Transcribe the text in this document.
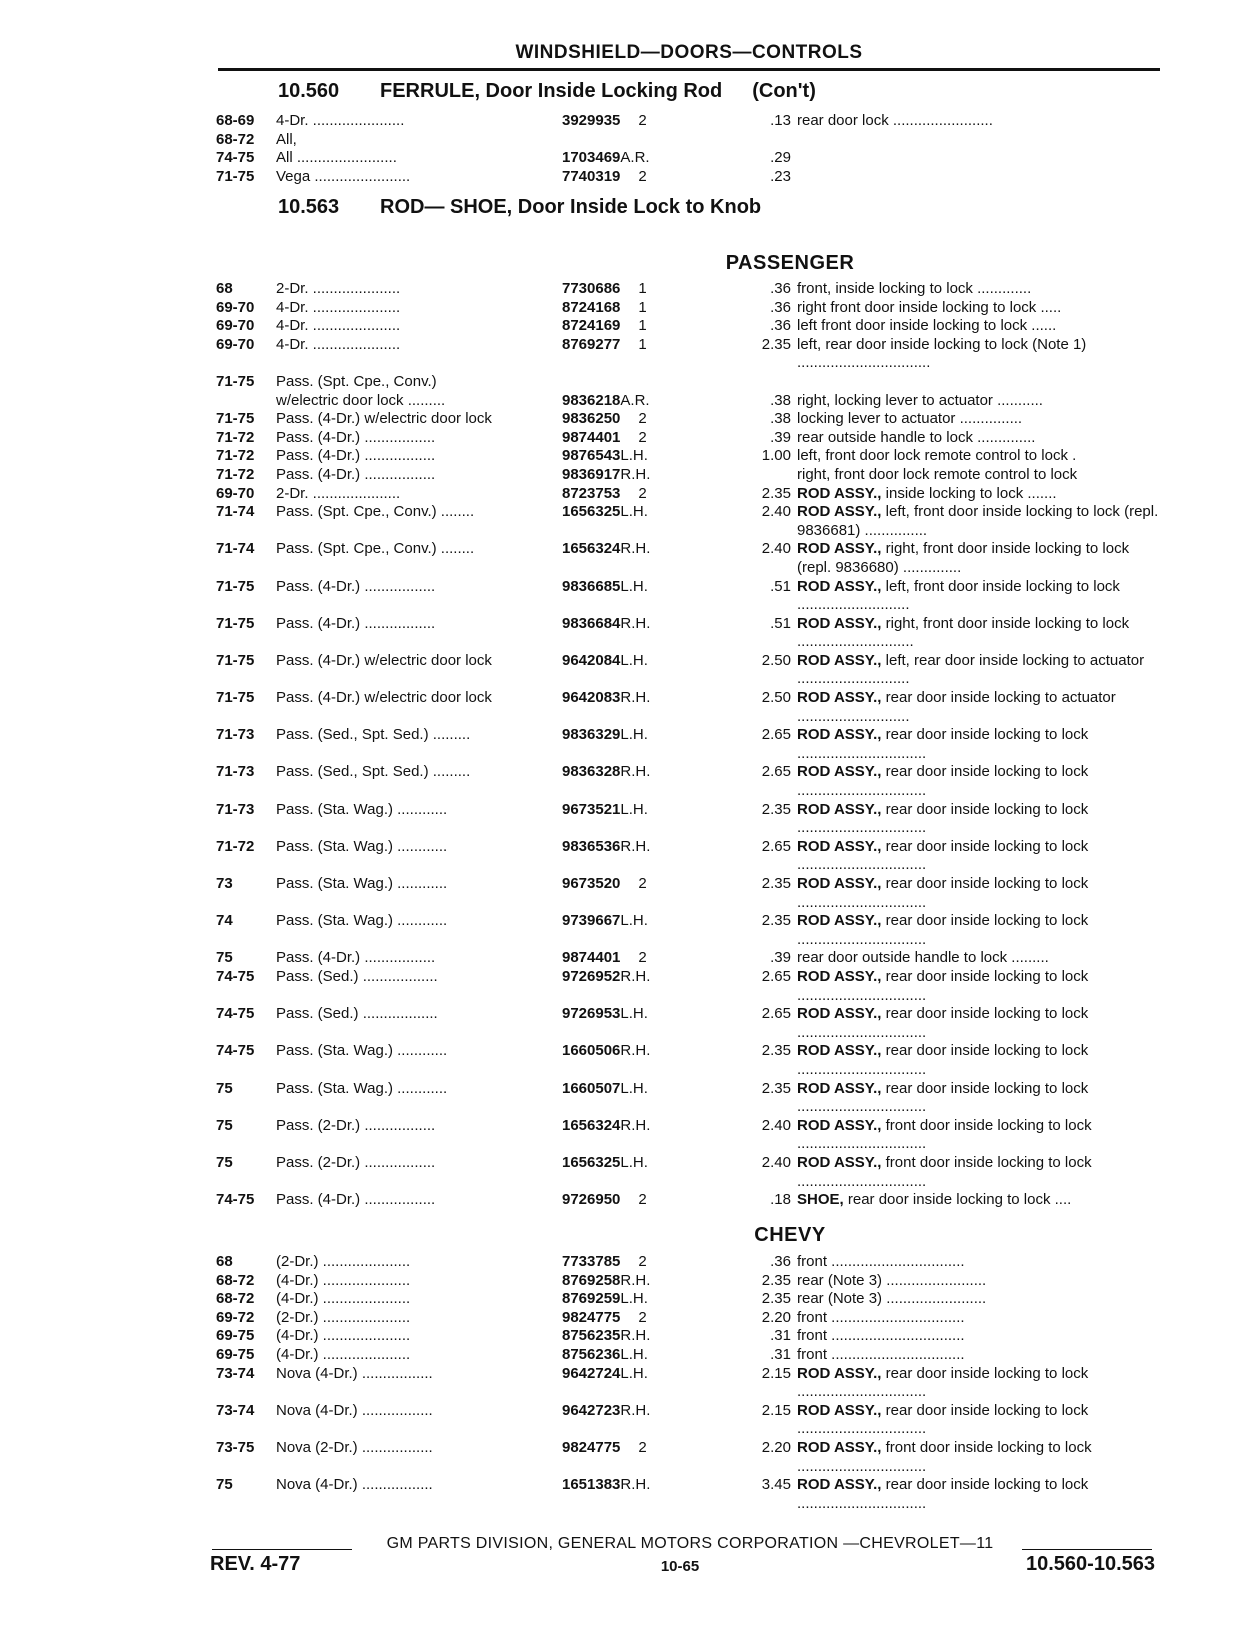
WINDSHIELD—DOORS—CONTROLS
10.560 FERRULE, Door Inside Locking Rod (Con't)
68-69	4-Dr. ......................	3929935 2	.13 rear door lock ........................
68-72	All,
74-75	All ........................	1703469A.R.	.29
71-75	Vega .......................	7740319 2	.23
10.563 ROD— SHOE, Door Inside Lock to Knob
PASSENGER
68	2-Dr. .....................	7730686 1	.36 front, inside locking to lock .............
69-70	4-Dr. .....................	8724168 1	.36 right front door inside locking to lock .....
69-70	4-Dr. .....................	8724169 1	.36 left front door inside locking to lock ......
69-70	4-Dr. .....................	8769277 1	2.35 left, rear door inside locking to lock (Note 1) ................................
71-75	Pass. (Spt. Cpe., Conv.)
w/electric door lock .........	9836218A.R.	.38 right, locking lever to actuator ...........
71-75	Pass. (4-Dr.) w/electric door lock	9836250 2	.38 locking lever to actuator ...............
71-72	Pass. (4-Dr.) .................	9874401 2	.39 rear outside handle to lock ..............
71-72	Pass. (4-Dr.) .................	9876543L.H.	1.00 left, front door lock remote control to lock .
71-72	Pass. (4-Dr.) .................	9836917R.H.	right, front door lock remote control to lock
69-70	2-Dr. .....................	8723753 2	2.35 ROD ASSY., inside locking to lock .......
71-74	Pass. (Spt. Cpe., Conv.) ........	1656325L.H.	2.40 ROD ASSY., left, front door inside locking to lock (repl. 9836681) ...............
71-74	Pass. (Spt. Cpe., Conv.) ........	1656324R.H.	2.40 ROD ASSY., right, front door inside locking to lock (repl. 9836680) ..............
71-75	Pass. (4-Dr.) .................	9836685L.H.	.51 ROD ASSY., left, front door inside locking to lock ...........................
71-75	Pass. (4-Dr.) .................	9836684R.H.	.51 ROD ASSY., right, front door inside locking to lock ............................
71-75	Pass. (4-Dr.) w/electric door lock	9642084L.H.	2.50 ROD ASSY., left, rear door inside locking to actuator ...........................
71-75	Pass. (4-Dr.) w/electric door lock	9642083R.H.	2.50 ROD ASSY., rear door inside locking to actuator ...........................
71-73	Pass. (Sed., Spt. Sed.) .........	9836329L.H.	2.65 ROD ASSY., rear door inside locking to lock ...............................
71-73	Pass. (Sed., Spt. Sed.) .........	9836328R.H.	2.65 ROD ASSY., rear door inside locking to lock ...............................
71-73	Pass. (Sta. Wag.) ............	9673521L.H.	2.35 ROD ASSY., rear door inside locking to lock ...............................
71-72	Pass. (Sta. Wag.) ............	9836536R.H.	2.65 ROD ASSY., rear door inside locking to lock ...............................
73	Pass. (Sta. Wag.) ............	9673520 2	2.35 ROD ASSY., rear door inside locking to lock ...............................
74	Pass. (Sta. Wag.) ............	9739667L.H.	2.35 ROD ASSY., rear door inside locking to lock ...............................
75	Pass. (4-Dr.) .................	9874401 2	.39 rear door outside handle to lock .........
74-75	Pass. (Sed.) ..................	9726952R.H.	2.65 ROD ASSY., rear door inside locking to lock ...............................
74-75	Pass. (Sed.) ..................	9726953L.H.	2.65 ROD ASSY., rear door inside locking to lock ...............................
74-75	Pass. (Sta. Wag.) ............	1660506R.H.	2.35 ROD ASSY., rear door inside locking to lock ...............................
75	Pass. (Sta. Wag.) ............	1660507L.H.	2.35 ROD ASSY., rear door inside locking to lock ...............................
75	Pass. (2-Dr.) .................	1656324R.H.	2.40 ROD ASSY., front door inside locking to lock ...............................
75	Pass. (2-Dr.) .................	1656325L.H.	2.40 ROD ASSY., front door inside locking to lock ...............................
74-75	Pass. (4-Dr.) .................	9726950 2	.18 SHOE, rear door inside locking to lock ....
CHEVY
68	(2-Dr.) .....................	7733785 2	.36 front ................................
68-72	(4-Dr.) .....................	8769258R.H.	2.35 rear (Note 3) ........................
68-72	(4-Dr.) .....................	8769259L.H.	2.35 rear (Note 3) ........................
69-72	(2-Dr.) .....................	9824775 2	2.20 front ................................
69-75	(4-Dr.) .....................	8756235R.H.	.31 front ................................
69-75	(4-Dr.) .....................	8756236L.H.	.31 front ................................
73-74	Nova (4-Dr.) .................	9642724L.H.	2.15 ROD ASSY., rear door inside locking to lock ...............................
73-74	Nova (4-Dr.) .................	9642723R.H.	2.15 ROD ASSY., rear door inside locking to lock ...............................
73-75	Nova (2-Dr.) .................	9824775 2	2.20 ROD ASSY., front door inside locking to lock ...............................
75	Nova (4-Dr.) .................	1651383R.H.	3.45 ROD ASSY., rear door inside locking to lock ...............................
GM PARTS DIVISION, GENERAL MOTORS CORPORATION —CHEVROLET—11
REV. 4-77	10-65	10.560-10.563
